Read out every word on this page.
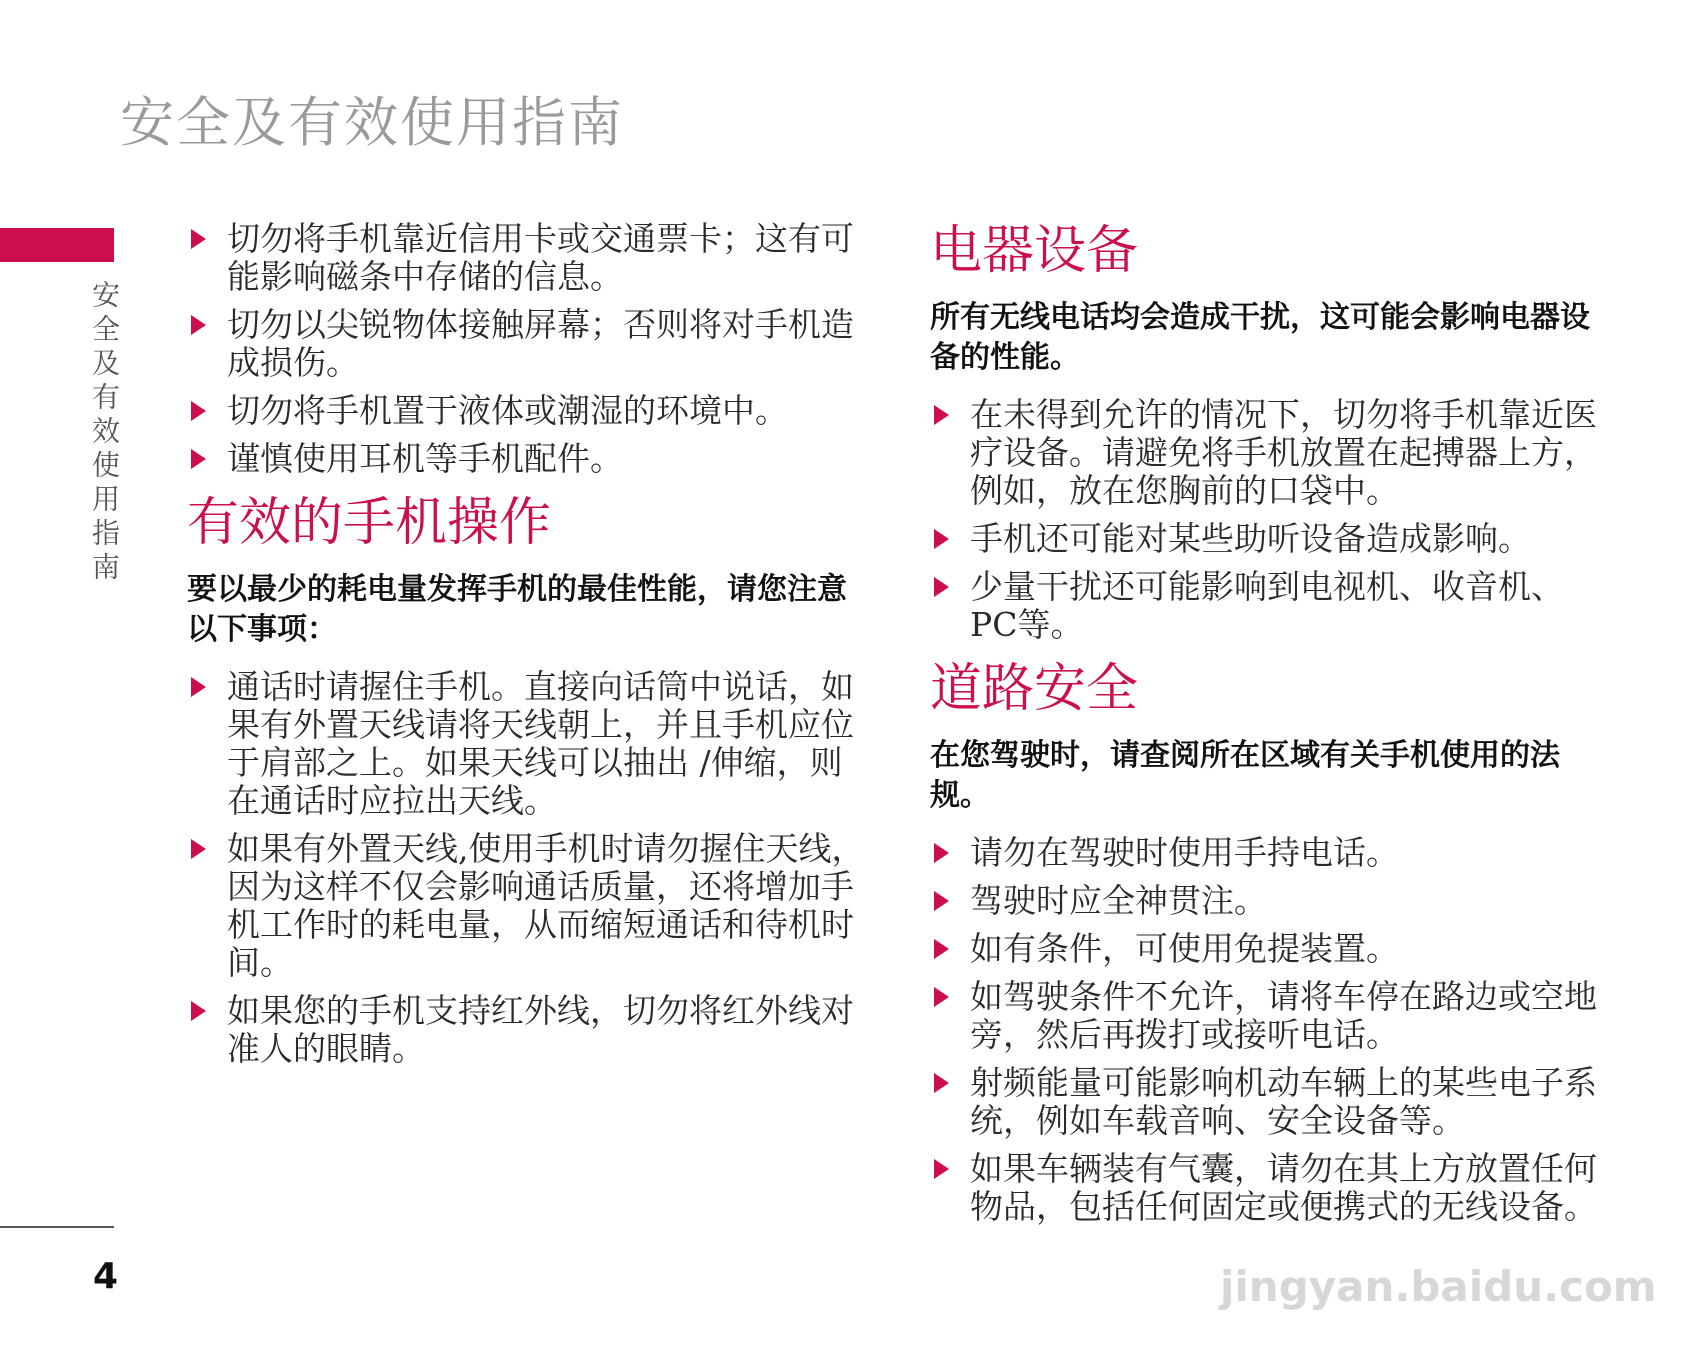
安全及有效使用指南
安全及有效使用指南
4
切勿将手机靠近信用卡或交通票卡；这有可能影响磁条中存储的信息。
切勿以尖锐物体接触屏幕；否则将对手机造成损伤。
切勿将手机置于液体或潮湿的环境中。
谨慎使用耳机等手机配件。
有效的手机操作

要以最少的耗电量发挥手机的最佳性能，请您注意以下事项：

通话时请握住手机。直接向话筒中说话，如果有外置天线请将天线朝上，并且手机应位于肩部之上。如果天线可以抽出 /伸缩，则在通话时应拉出天线。
如果有外置天线,使用手机时请勿握住天线，因为这样不仅会影响通话质量，还将增加手机工作时的耗电量，从而缩短通话和待机时间。
如果您的手机支持红外线，切勿将红外线对准人的眼睛。
电器设备

所有无线电话均会造成干扰，这可能会影响电器设备的性能。

在未得到允许的情况下，切勿将手机靠近医疗设备。请避免将手机放置在起搏器上方，例如，放在您胸前的口袋中。
手机还可能对某些助听设备造成影响。
少量干扰还可能影响到电视机、收音机、PC等。
道路安全

在您驾驶时，请查阅所在区域有关手机使用的法规。

请勿在驾驶时使用手持电话。
驾驶时应全神贯注。
如有条件，可使用免提装置。
如驾驶条件不允许，请将车停在路边或空地旁，然后再拨打或接听电话。
射频能量可能影响机动车辆上的某些电子系统，例如车载音响、安全设备等。
如果车辆装有气囊，请勿在其上方放置任何物品，包括任何固定或便携式的无线设备。
jingyan.baidu.com
